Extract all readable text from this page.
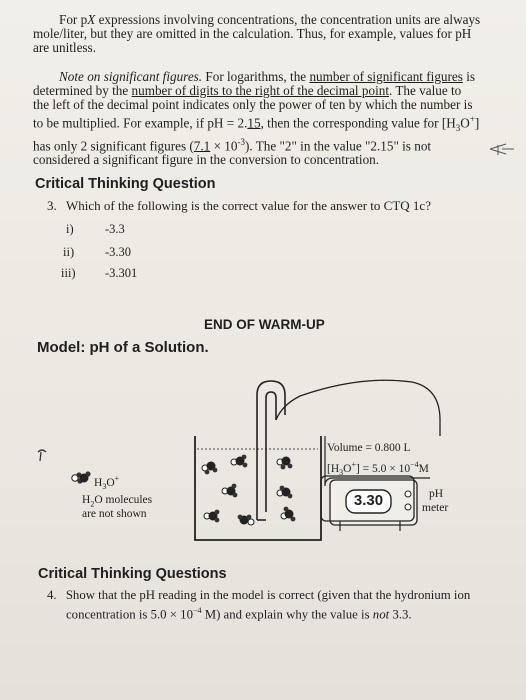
For pX expressions involving concentrations, the concentration units are always
mole/liter, but they are omitted in the calculation. Thus, for example, values for pH
are unitless.
Note on significant figures. For logarithms, the number of significant figures is
determined by the number of digits to the right of the decimal point. The value to
the left of the decimal point indicates only the power of ten by which the number is
to be multiplied. For example, if pH = 2.15, then the corresponding value for $[H_3O^+]$
has only 2 significant figures $(7.1 \times 10^{-3})$. The "2" in the value "2.15" is not
considered a significant figure in the conversion to concentration.
Critical Thinking Question
3. Which of the following is the correct value for the answer to CTQ 1c?
i)	-3.3
ii) -3.30
iii) -3.301
END OF WARM-UP
Model: pH of a Solution.
$H_3O^+$
$H_2O$ molecules
are not shown
Volume = 0.800 L
$[H_3O^+] = 5.0 \times 10^{-4}M$
3.30	pH
meter
Critical Thinking Questions
4. Show that the pH reading in the model is correct (given that the hydronium ion
concentration is $5.0 \times 10^{-4}$ M) and explain why the value is not 3.3.
